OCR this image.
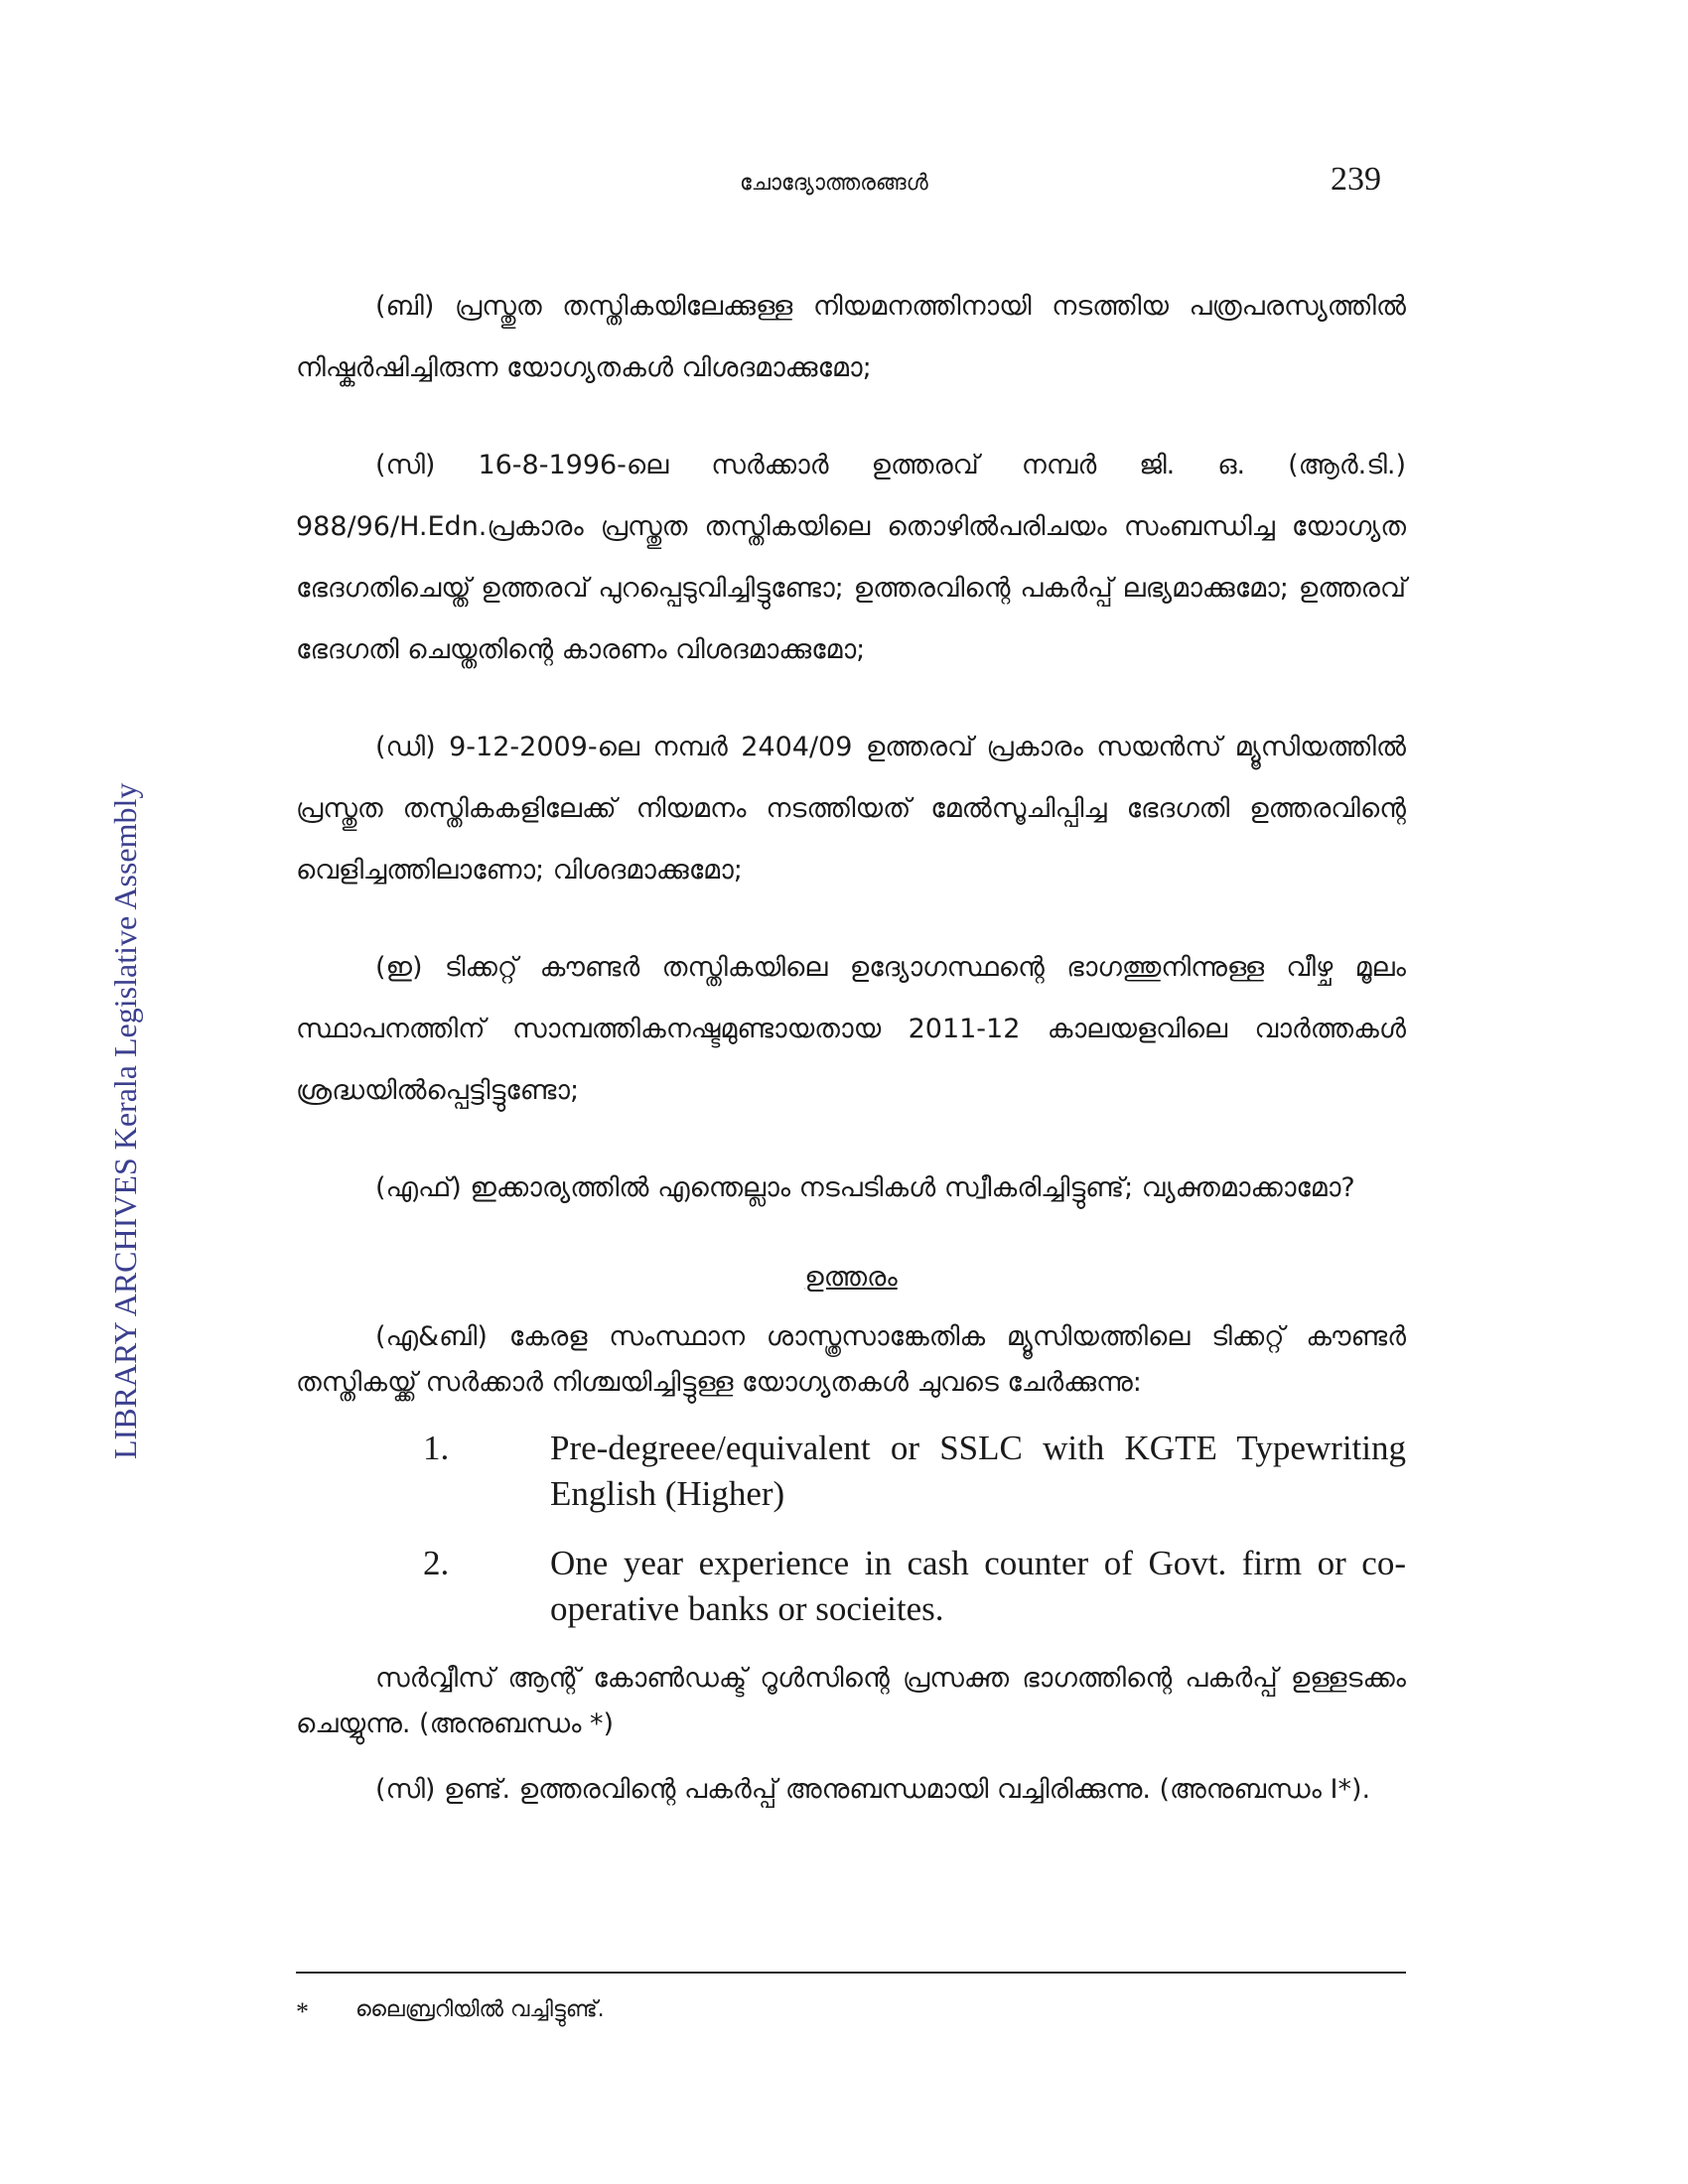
ചോദ്യോത്തരങ്ങൾ	239
LIBRARY ARCHIVES Kerala Legislative Assembly

(ബി) പ്രസ്തുത തസ്തികയിലേക്കുള്ള നിയമനത്തിനായി നടത്തിയ പത്രപരസ്യത്തിൽ നിഷ്കർഷിച്ചിരുന്ന യോഗ്യതകൾ വിശദമാക്കുമോ;

(സി) 16-8-1996-ലെ സർക്കാർ ഉത്തരവ് നമ്പർ ജി. ഒ. (ആർ.ടി.) 988/96/H.Edn.പ്രകാരം പ്രസ്തുത തസ്തികയിലെ തൊഴിൽപരിചയം സംബന്ധിച്ച യോഗ്യത ഭേദഗതിചെയ്ത് ഉത്തരവ് പുറപ്പെടുവിച്ചിട്ടുണ്ടോ; ഉത്തരവിന്റെ പകർപ്പ് ലഭ്യമാക്കുമോ; ഉത്തരവ് ഭേദഗതി ചെയ്തതിന്റെ കാരണം വിശദമാക്കുമോ;

(ഡി) 9-12-2009-ലെ നമ്പർ 2404/09 ഉത്തരവ് പ്രകാരം സയൻസ് മ്യൂസിയത്തിൽ പ്രസ്തുത തസ്തികകളിലേക്ക് നിയമനം നടത്തിയത് മേൽസൂചിപ്പിച്ച ഭേദഗതി ഉത്തരവിന്റെ വെളിച്ചത്തിലാണോ; വിശദമാക്കുമോ;

(ഇ) ടിക്കറ്റ് കൗണ്ടർ തസ്തികയിലെ ഉദ്യോഗസ്ഥന്റെ ഭാഗത്തുനിന്നുള്ള വീഴ്ച മൂലം സ്ഥാപനത്തിന് സാമ്പത്തികനഷ്ടമുണ്ടായതായ 2011-12 കാലയളവിലെ വാർത്തകൾ ശ്രദ്ധയിൽപ്പെട്ടിട്ടുണ്ടോ;

(എഫ്) ഇക്കാര്യത്തിൽ എന്തെല്ലാം നടപടികൾ സ്വീകരിച്ചിട്ടുണ്ട്; വ്യക്തമാക്കാമോ?

ഉത്തരം

(എ&ബി) കേരള സംസ്ഥാന ശാസ്ത്രസാങ്കേതിക മ്യൂസിയത്തിലെ ടിക്കറ്റ് കൗണ്ടർ തസ്തികയ്ക്ക് സർക്കാർ നിശ്ചയിച്ചിട്ടുള്ള യോഗ്യതകൾ ചുവടെ ചേർക്കുന്നു:

1.	Pre-degreee/equivalent or SSLC with KGTE Typewriting English (Higher)
2.	One year experience in cash counter of Govt. firm or co-operative banks or socieites.

സർവ്വീസ് ആന്റ് കോൺഡക്ട് റൂൾസിന്റെ പ്രസക്ത ഭാഗത്തിന്റെ പകർപ്പ് ഉള്ളടക്കം ചെയ്യുന്നു. (അനുബന്ധം *)

(സി) ഉണ്ട്. ഉത്തരവിന്റെ പകർപ്പ് അനുബന്ധമായി വച്ചിരിക്കുന്നു. (അനുബന്ധം I*).

*	ലൈബ്രറിയിൽ വച്ചിട്ടുണ്ട്.
